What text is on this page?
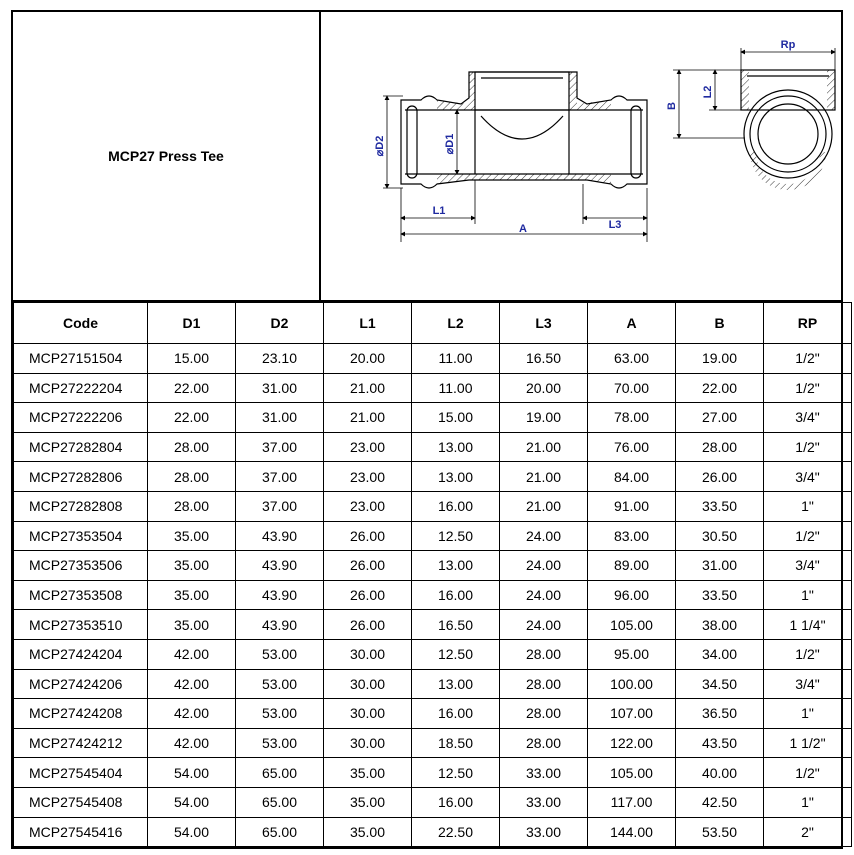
MCP27 Press Tee	⌀D2	⌀D1
L1
L3
A
Rp
B
L2
Code	D1	D2	L1	L2	L3	A	B	RP
MCP27151504	15.00	23.10	20.00	11.00	16.50	63.00	19.00	1/2"
MCP27222204	22.00	31.00	21.00	11.00	20.00	70.00	22.00	1/2"
MCP27222206	22.00	31.00	21.00	15.00	19.00	78.00	27.00	3/4"
MCP27282804	28.00	37.00	23.00	13.00	21.00	76.00	28.00	1/2"
MCP27282806	28.00	37.00	23.00	13.00	21.00	84.00	26.00	3/4"
MCP27282808	28.00	37.00	23.00	16.00	21.00	91.00	33.50	1"
MCP27353504	35.00	43.90	26.00	12.50	24.00	83.00	30.50	1/2"
MCP27353506	35.00	43.90	26.00	13.00	24.00	89.00	31.00	3/4"
MCP27353508	35.00	43.90	26.00	16.00	24.00	96.00	33.50	1"
MCP27353510	35.00	43.90	26.00	16.50	24.00	105.00	38.00	1 1/4"
MCP27424204	42.00	53.00	30.00	12.50	28.00	95.00	34.00	1/2"
MCP27424206	42.00	53.00	30.00	13.00	28.00	100.00	34.50	3/4"
MCP27424208	42.00	53.00	30.00	16.00	28.00	107.00	36.50	1"
MCP27424212	42.00	53.00	30.00	18.50	28.00	122.00	43.50	1 1/2"
MCP27545404	54.00	65.00	35.00	12.50	33.00	105.00	40.00	1/2"
MCP27545408	54.00	65.00	35.00	16.00	33.00	117.00	42.50	1"
MCP27545416	54.00	65.00	35.00	22.50	33.00	144.00	53.50	2"
